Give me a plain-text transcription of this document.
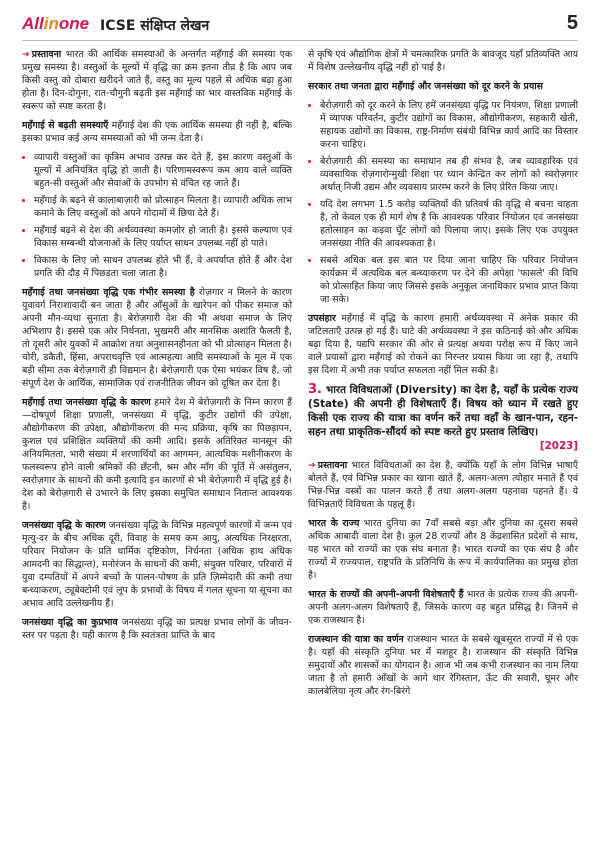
Allinone ICSE संक्षिप्त लेखन	5

➔ प्रस्तावना भारत की आर्थिक समस्याओं के अन्तर्गत महँगाई की समस्या एक प्रमुख समस्या है। वस्तुओं के मूल्यों में वृद्धि का क्रम इतना तीव्र है कि आप जब किसी वस्तु को दोबारा खरीदने जाते हैं, वस्तु का मूल्य पहले से अधिक बढ़ा हुआ होता है। दिन-दोगुना, रात-चौगुनी बढ़ती इस महँगाई का भार वास्तविक महँगाई के स्वरूप को स्पष्ट करता है।

महँगाई से बढ़ती समस्याएँ महँगाई देश की एक आर्थिक समस्या ही नहीं है, बल्कि इसका प्रभाव कई अन्य समस्याओं को भी जन्म देता है।

• व्यापारी वस्तुओं का कृत्रिम अभाव उत्पन्न कर देते हैं, इस कारण वस्तुओं के मूल्यों में अनियंत्रित वृद्धि हो जाती है। परिणामस्वरूप कम आय वाले व्यक्ति बहुत-सी वस्तुओं और सेवाओं के उपभोग से वंचित रह जाते हैं।
• महँगाई के बढ़ने से कालाबाज़ारी को प्रोत्साहन मिलता है। व्यापारी अधिक लाभ कमाने के लिए वस्तुओं को अपने गोदामों में छिपा देते हैं।
• महँगाई बढ़ने से देश की अर्थव्यवस्था कमज़ोर हो जाती है। इससे कल्याण एवं विकास सम्बन्धी योजनाओं के लिए पर्याप्त साधन उपलब्ध नहीं हो पाते।
• विकास के लिए जो साधन उपलब्ध होते भी हैं, वे अपर्याप्त होते हैं और देश प्रगति की दौड़ में पिछड़ता चला जाता है।

महँगाई तथा जनसंख्या वृद्धि एक गंभीर समस्या है रोज़गार न मिलने के कारण युवावर्ग निराशावादी बन जाता है और आँसुओं के खारेपन को पीकर समाज को अपनी मौन-व्यथा सुनाता है। बेरोज़गारी देश की भी अथवा समाज के लिए अभिशाप है। इससे एक ओर निर्धनता, भुखमरी और मानसिक अशांति फैलती है, तो दूसरी ओर युवकों में आक्रोश तथा अनुशासनहीनता को भी प्रोत्साहन मिलता है। चोरी, डकैती, हिंसा, अपराधवृत्ति एवं आत्महत्या आदि समस्याओं के मूल में एक बड़ी सीमा तक बेरोज़गारी ही विद्यमान है। बेरोज़गारी एक ऐसा भयंकर विष है, जो संपूर्ण देश के आर्थिक, सामाजिक एवं राजनीतिक जीवन को दूषित कर देता है।

महँगाई तथा जनसंख्या वृद्धि के कारण हमारे देश में बेरोज़गारी के निम्न कारण हैं—दोषपूर्ण शिक्षा प्रणाली, जनसंख्या में वृद्धि, कुटीर उद्योगों की उपेक्षा, औद्योगीकरण की उपेक्षा, औद्योगीकरण की मन्द प्रक्रिया, कृषि का पिछड़ापन, कुशल एवं प्रशिक्षित व्यक्तियों की कमी आदि। इसके अतिरिक्त मानसून की अनियमितता, भारी संख्या में शरणार्थियों का आगमन, आत्यधिक मशीनीकरण के फलस्वरूप होने वाली श्रमिकों की छँटनी, श्रम और माँग की पूर्ति में असंतुलन, स्वरोज़गार के साधनों की कमी इत्यादि इन कारणों से भी बेरोज़गारी में वृद्धि हुई है। देश को बेरोज़गारी से उभारने के लिए इसका समुचित समाधान नितान्त आवश्यक है।

जनसंख्या वृद्धि के कारण जनसंख्या वृद्धि के विभिन्न महत्वपूर्ण कारणों में जन्म एवं मृत्यु-दर के बीच अधिक दूरी, विवाह के समय कम आयु, अत्यधिक निरक्षरता, परिवार नियोजन के प्रति धार्मिक दृष्टिकोण, निर्धनता (अधिक हाथ अधिक आमदनी का सिद्धान्त), मनोरंजन के साधनों की कमी, संयुक्त परिवार, परिवारों में युवा दम्पतियों में अपने बच्चों के पालन-पोषण के प्रति ज़िम्मेदारी की कमी तथा बन्ध्याकरण, ट्यूबेक्टोमी एवं लूप के प्रभावों के विषय में गलत सूचना या सूचना का अभाव आदि उल्लेखनीय हैं।

जनसंख्या वृद्धि का कुप्रभाव जनसंख्या वृद्धि का प्रत्यक्ष प्रभाव लोगों के जीवन-स्तर पर पड़ता है। यही कारण है कि स्वतंत्रता प्राप्ति के बाद

से कृषि एवं औद्योगिक क्षेत्रों में चमत्कारिक प्रगति के बावजूद यहाँ प्रतिव्यक्ति आय में विशेष उल्लेखनीय वृद्धि नहीं हो पाई है।

सरकार तथा जनता द्वारा महँगाई और जनसंख्या को दूर करने के प्रयास

• बेरोज़गारी को दूर करने के लिए हमें जनसंख्या वृद्धि पर नियंत्रण, शिक्षा प्रणाली में व्यापक परिवर्तन, कुटीर उद्योगों का विकास, औद्योगीकरण, सहकारी खेती, सहायक उद्योगों का विकास, राष्ट्र-निर्माण संबंधी विभिन्न कार्य आदि का विस्तार करना चाहिए।
• बेरोज़गारी की समस्या का समाधान तब ही संभव है, जब व्यावहारिक एवं व्यवसायिक रोज़गारोन्मुखी शिक्षा पर ध्यान केन्द्रित कर लोगों को स्वरोज़गार अर्थात् निजी उद्यम और व्यवसाय प्रारम्भ करने के लिए प्रेरित किया जाए।
• यदि देश लगभग 1.5 करोड़ व्यक्तियों की प्रतिवर्ष की वृद्धि से बचना चाहता है, तो केवल एक ही मार्ग शेष है कि आवश्यक परिवार नियोजन एवं जनसंख्या हतोत्साहन का कड़वा घूँट लोगों को पिलाया जाए। इसके लिए एक उपयुक्त जनसंख्या नीति की आवश्यकता है।
• सबसे अधिक बल इस बात पर दिया जाना चाहिए कि परिवार नियोजन कार्यक्रम में अत्यधिक बल बन्ध्याकरण पर देने की अपेक्षा 'फासले' की विधि को प्रोत्साहित किया जाए जिससे इसके अनुकूल जनाधिकार प्रभाव प्राप्त किया जा सके।

उपसंहार महँगाई में वृद्धि के कारण हमारी अर्थव्यवस्था में अनेक प्रकार की जटिलताएँ उत्पन्न हो गई हैं। घाटे की अर्थव्यवस्था ने इस कठिनाई को और अधिक बढ़ा दिया है, यद्यपि सरकार की ओर से प्रत्यक्ष अथवा परोक्ष रूप में किए जाने वाले प्रयासों द्वारा महँगाई को रोकने का निरन्तर प्रयास किया जा रहा है, तथापि इस दिशा में अभी तक पर्याप्त सफलता नहीं मिल सकी है।

3. भारत विविधताओं (Diversity) का देश है, यहाँ के प्रत्येक राज्य (State) की अपनी ही विशेषताएँ हैं। विषय को ध्यान में रखते हुए किसी एक राज्य की यात्रा का वर्णन करें तथा वहाँ के खान-पान, रहन-सहन तथा प्राकृतिक-सौंदर्य को स्पष्ट करते हुए प्रस्ताव लिखिए।
[2023]

➔ प्रस्तावना भारत विविधताओं का देश है, क्योंकि यहाँ के लोग विभिन्न भाषाएँ बोलते हैं, एवं विभिन्न प्रकार का खाना खाते हैं, अलग-अलग त्योहार मनाते हैं एवं भिन्न-भिन्न वस्त्रों का पालन करते हैं तथा अलग-अलग पहनावा पहनते हैं। ये विभिन्नताएँ विविधता के पहलू हैं।

भारत के राज्य भारत दुनिया का 7वाँ सबसे बड़ा और दुनिया का दूसरा सबसे अधिक आबादी वाला देश है। कुल 28 राज्यों और 8 केंद्रशासित प्रदेशों से साथ, यह भारत को राज्यों का एक संघ बनाता है। भारत राज्यों का एक संघ है और राज्यों में राज्यपाल, राष्ट्रपति के प्रतिनिधि के रूप में कार्यपालिका का प्रमुख होता है।

भारत के राज्यों की अपनी-अपनी विशेषताएँ हैं भारत के प्रत्येक राज्य की अपनी-अपनी अलग-अलग विशेषताएँ हैं, जिसके कारण वह बहुत प्रसिद्ध है। जिनमें से एक राजस्थान है।

राजस्थान की यात्रा का वर्णन राजस्थान भारत के सबसे खूबसूरत राज्यों में से एक है। यहाँ की संस्कृति दुनिया भर में मशहूर है। राजस्थान की संस्कृति विभिन्न समुदायों और शासकों का योगदान है। आज भी जब कभी राजस्थान का नाम लिया जाता है तो हमारी आँखों के आगे थार रेगिस्तान, ऊँट की सवारी, घूमर और कालबेलिया नृत्य और रंग-बिरंगे
